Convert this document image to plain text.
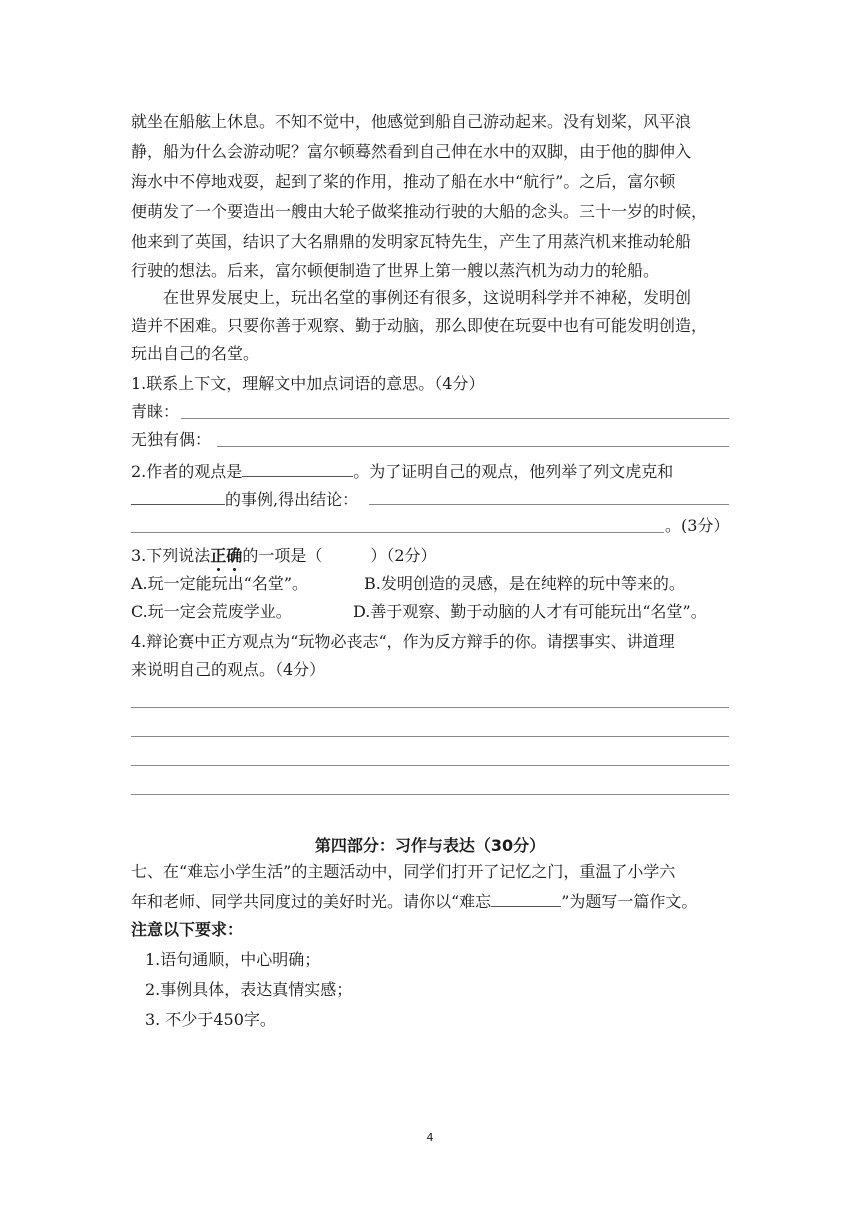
就坐在船舷上休息。不知不觉中，他感觉到船自己游动起来。没有划桨，风平浪
静，船为什么会游动呢？富尔顿蓦然看到自己伸在水中的双脚，由于他的脚伸入
海水中不停地戏耍，起到了桨的作用，推动了船在水中“航行”。之后，富尔顿
便萌发了一个要造出一艘由大轮子做桨推动行驶的大船的念头。三十一岁的时候，
他来到了英国，结识了大名鼎鼎的发明家瓦特先生，产生了用蒸汽机来推动轮船
行驶的想法。后来，富尔顿便制造了世界上第一艘以蒸汽机为动力的轮船。
在世界发展史上，玩出名堂的事例还有很多，这说明科学并不神秘，发明创
造并不困难。只要你善于观察、勤于动脑，那么即使在玩耍中也有可能发明创造，
玩出自己的名堂。
1.联系上下文，理解文中加点词语的意思。（4分）
青睐：
无独有偶：
2.作者的观点是	。为了证明自己的观点，他列举了列文虎克和
的事例,得出结论：
。(3分）
3.下列说法正确的一项是（　　　）（2分）
A.玩一定能玩出“名堂”。	B.发明创造的灵感，是在纯粹的玩中等来的。
C.玩一定会荒废学业。	D.善于观察、勤于动脑的人才有可能玩出“名堂”。
4.辩论赛中正方观点为“玩物必丧志“，作为反方辩手的你。请摆事实、讲道理
来说明自己的观点。（4分）
第四部分：习作与表达（30分）
七、在“难忘小学生活”的主题活动中，同学们打开了记忆之门，重温了小学六
年和老师、同学共同度过的美好时光。请你以“难忘	”为题写一篇作文。
注意以下要求：
1.语句通顺，中心明确；
2.事例具体，表达真情实感；
3. 不少于450字。
4
